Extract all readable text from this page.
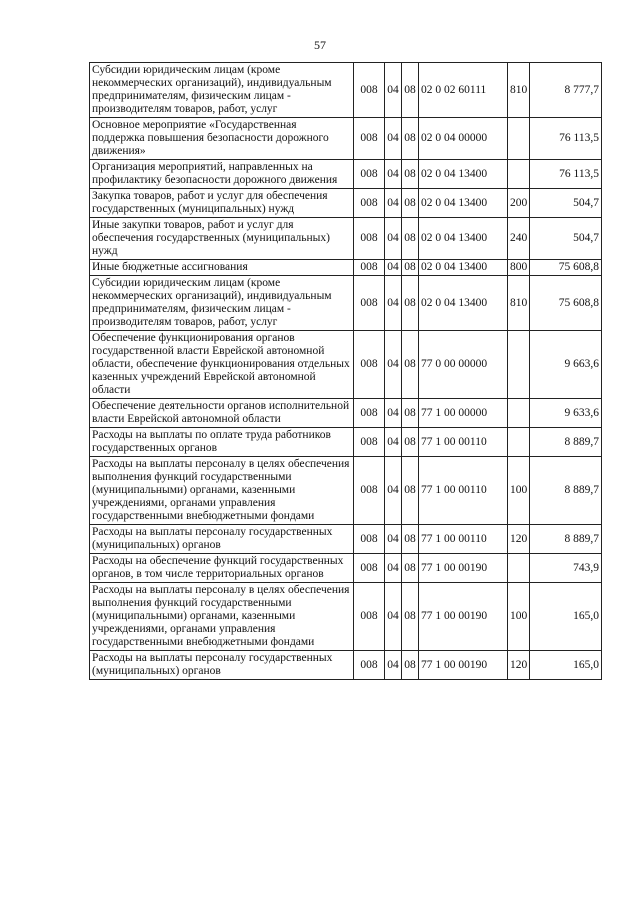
57
Субсидии юридическим лицам (кроме некоммерческих организаций), индивидуальным предпринимателям, физическим лицам - производителям товаров, работ, услуг	008	04	08	02 0 02 60111	810	8 777,7
Основное мероприятие «Государственная поддержка повышения безопасности дорожного движения»	008	04	08	02 0 04 00000		76 113,5
Организация мероприятий, направленных на профилактику безопасности дорожного движения	008	04	08	02 0 04 13400		76 113,5
Закупка товаров, работ и услуг для обеспечения государственных (муниципальных) нужд	008	04	08	02 0 04 13400	200	504,7
Иные закупки товаров, работ и услуг для обеспечения государственных (муниципальных) нужд	008	04	08	02 0 04 13400	240	504,7
Иные бюджетные ассигнования	008	04	08	02 0 04 13400	800	75 608,8
Субсидии юридическим лицам (кроме некоммерческих организаций), индивидуальным предпринимателям, физическим лицам - производителям товаров, работ, услуг	008	04	08	02 0 04 13400	810	75 608,8
Обеспечение функционирования органов государственной власти Еврейской автономной области, обеспечение функционирования отдельных казенных учреждений Еврейской автономной области	008	04	08	77 0 00 00000		9 663,6
Обеспечение деятельности органов исполнительной власти Еврейской автономной области	008	04	08	77 1 00 00000		9 633,6
Расходы на выплаты по оплате труда работников государственных органов	008	04	08	77 1 00 00110		8 889,7
Расходы на выплаты персоналу в целях обеспечения выполнения функций государственными (муниципальными) органами, казенными учреждениями, органами управления государственными внебюджетными фондами	008	04	08	77 1 00 00110	100	8 889,7
Расходы на выплаты персоналу государственных (муниципальных) органов	008	04	08	77 1 00 00110	120	8 889,7
Расходы на обеспечение функций государственных органов, в том числе территориальных органов	008	04	08	77 1 00 00190		743,9
Расходы на выплаты персоналу в целях обеспечения выполнения функций государственными (муниципальными) органами, казенными учреждениями, органами управления государственными внебюджетными фондами	008	04	08	77 1 00 00190	100	165,0
Расходы на выплаты персоналу государственных (муниципальных) органов	008	04	08	77 1 00 00190	120	165,0
